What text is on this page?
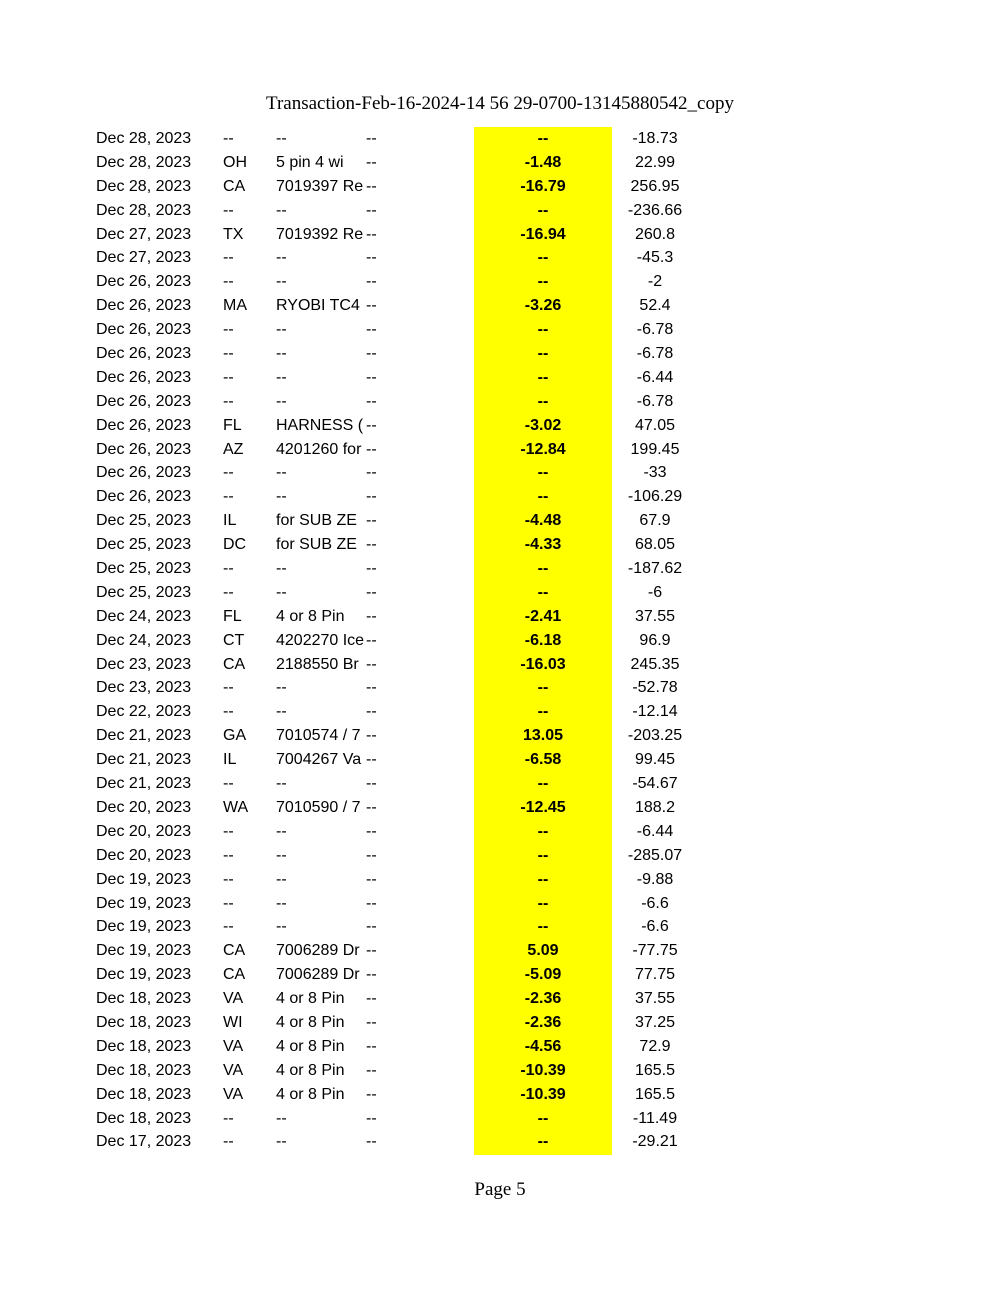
Transaction-Feb-16-2024-14 56 29-0700-13145880542_copy
Dec 28, 2023	--	--	--	--	-18.73
Dec 28, 2023	OH	5 pin 4 wi	--	-1.48	22.99
Dec 28, 2023	CA	7019397 Re --	-16.79	256.95
Dec 28, 2023	--	--	--	--	-236.66
Dec 27, 2023	TX	7019392 Re --	-16.94	260.8
Dec 27, 2023	--	--	--	--	-45.3
Dec 26, 2023	--	--	--	--	-2
Dec 26, 2023	MA	RYOBI TC4 --	-3.26	52.4
Dec 26, 2023	--	--	--	--	-6.78
Dec 26, 2023	--	--	--	--	-6.78
Dec 26, 2023	--	--	--	--	-6.44
Dec 26, 2023	--	--	--	--	-6.78
Dec 26, 2023	FL	HARNESS ( --	-3.02	47.05
Dec 26, 2023	AZ	4201260 for --	-12.84	199.45
Dec 26, 2023	--	--	--	--	-33
Dec 26, 2023	--	--	--	--	-106.29
Dec 25, 2023	IL	for SUB ZE --	-4.48	67.9
Dec 25, 2023	DC	for SUB ZE --	-4.33	68.05
Dec 25, 2023	--	--	--	--	-187.62
Dec 25, 2023	--	--	--	--	-6
Dec 24, 2023	FL	4 or 8 Pin	--	-2.41	37.55
Dec 24, 2023	CT	4202270 Ice --	-6.18	96.9
Dec 23, 2023	CA	2188550 Br --	-16.03	245.35
Dec 23, 2023	--	--	--	--	-52.78
Dec 22, 2023	--	--	--	--	-12.14
Dec 21, 2023	GA	7010574 / 7 --	13.05	-203.25
Dec 21, 2023	IL	7004267 Va --	-6.58	99.45
Dec 21, 2023	--	--	--	--	-54.67
Dec 20, 2023	WA	7010590 / 7 --	-12.45	188.2
Dec 20, 2023	--	--	--	--	-6.44
Dec 20, 2023	--	--	--	--	-285.07
Dec 19, 2023	--	--	--	--	-9.88
Dec 19, 2023	--	--	--	--	-6.6
Dec 19, 2023	--	--	--	--	-6.6
Dec 19, 2023	CA	7006289 Dr --	5.09	-77.75
Dec 19, 2023	CA	7006289 Dr --	-5.09	77.75
Dec 18, 2023	VA	4 or 8 Pin	--	-2.36	37.55
Dec 18, 2023	WI	4 or 8 Pin	--	-2.36	37.25
Dec 18, 2023	VA	4 or 8 Pin	--	-4.56	72.9
Dec 18, 2023	VA	4 or 8 Pin	--	-10.39	165.5
Dec 18, 2023	VA	4 or 8 Pin	--	-10.39	165.5
Dec 18, 2023	--	--	--	--	-11.49
Dec 17, 2023	--	--	--	--	-29.21
Page 5
